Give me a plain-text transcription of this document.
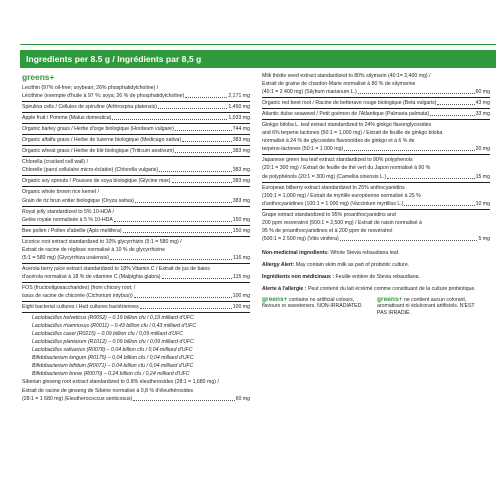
Ingredients per 8.5 g / Ingrédients par 8,5 g
greens+
Lecithin (97% oil-free; soybean; 26% phosphatidylcholine) /
Lécithine (exempte d'huile à 97 %; soya; 26 % de phosphatidylcholine)	2,171 mg
Spirulina cells / Cellules de spiruline (Arthrospira platensis)	1,450 mg
Apple fruit / Pomme (Malus domestica)	1,033 mg
Organic barley grass / Herbe d'orge biologique (Hordeum vulgare)	744 mg
Organic alfalfa grass / Herbe de luzerne biologique (Medicago sativa)	383 mg
Organic wheat grass / Herbe de blé biologique (Triticum aestivum)	383 mg
Chlorella (cracked cell wall) /
Chlorelle (paroi cellulaire micro-éclatée) (Chlorella vulgaris)	383 mg
Organic soy sprouts / Pousses de soya biologique (Glycine max)	383 mg
Organic whole brown rice kernel /
Grain de riz brun entier biologique (Oryza sativa)	383 mg
Royal jelly standardized to 5% 10-HDA /
Gelée royale normalisée à 5 % 10-HDA	150 mg
Bee pollen / Pollen d'abeille (Apis mellifera)	150 mg
Licorice root extract standardized to 10% glycyrrhizin (5:1 = 580 mg) /
Extrait de racine de réglisse normalisé à 10 % de glycyrrhizine
(5:1 = 580 mg) (Glycyrrhiza uralensis)	116 mg
Acerola berry juice extract standardized to 18% Vitamin C / Extrait de jus de baies
d'acérola normalisé à 18 % de vitamine C (Malpighia glabra)	115 mg
FOS (fructooligosaccharides) (from chicory root; /
issus de racine de chicorée (Cichorium intybus))	100 mg
Eight bacterial cultures / Huit cultures bactériennes	100 mg
Lactobacillus helveticus (R0052) – 0.19 billion cfu / 0,19 milliard d'UFC
Lactobacillus rhamnosus (R0011) – 0.43 billion cfu / 0,43 milliard d'UFC
Lactobacillus casei (R0215) – 0.09 billion cfu / 0,09 milliard d'UFC
Lactobacillus plantarum (R1012) – 0.09 billion cfu / 0,09 milliard d'UFC
Lactobacillus salivarius (R0078) – 0.04 billion cfu / 0,04 milliard d'UFC
Bifidobacterium longum (R0175) – 0.04 billion cfu / 0,04 milliard d'UFC
Bifidobacterium bifidum (R0071) – 0.04 billion cfu / 0,04 milliard d'UFC
Bifidobacterium breve (R0070) – 0.24 billion cfu / 0,24 milliard d'UFC
Siberian ginseng root extract standardized to 0.8% eleutherosides (28:1 = 1,680 mg) /
Extrait de racine de ginseng de Sibérie normalisé à 0,8 % d'éleuthérosides
(28:1 = 1 680 mg) (Eleutherococcus senticosus)	60 mg
Milk thistle seed extract standardized to 80% silymarin (40:1= 2,400 mg) /
Extrait de graine de chardon-Marie normalisé à 80 % de silymarine
(40:1 = 2 400 mg) (Silybum marianum L.)	60 mg
Organic red beet root / Racine de betterave rouge biologique (Beta vulgaris)	43 mg
Atlantic dulse seaweed / Petit goémon de l'Atlantique (Palmaria palmata)	33 mg
Ginkgo biloba L. leaf extract standardized to 24% ginkgo flavonglycosides
and 6% terpene lactones (50:1 = 1,000 mg) / Extrait de feuille de ginkgo biloba
normalisé à 24 % de glycosides flavonoïdes de ginkgo et à 6 % de
terpéno-lactones (50:1 = 1 000 mg)	20 mg
Japanese green tea leaf extract standardized to 90% polyphenols
(20:1 = 300 mg) / Extrait de feuille de thé vert du Japon normalisé à 90 %
de polyphénols (20:1 = 300 mg) (Camellia sinensis L.)	15 mg
European bilberry extract standardized to 25% anthocyanidins
(100:1 = 1,000 mg) / Extrait de myrtille européenne normalisé à 25 %
d'anthocyanidines (100:1 = 1 000 mg) (Vaccinium myrtillus L.)	10 mg
Grape extract standardized to 95% proanthocyanidins and
200 ppm resveratrol (500:1 = 2,500 mg) / Extrait de raisin normalisé à
95 % de proanthocyanidines et à 200 ppm de resvératrol
(500:1 = 2 500 mg) (Vitis vinifera)	5 mg

Non-medicinal ingredients: Whole Stevia rebaudiana leaf.

Allergy Alert: May contain skim milk as part of probiotic culture.

Ingrédients non médicinaux : Feuille entière de Stevia rebaudiana.

Alerte à l'allergie : Peut contenir du lait écrémé comme constituant de la culture probiotique.

greens+ contains no artificial colours, flavours or sweeteners. NON-IRRADIATED.
greens+ ne contient aucun colorant, aromatisant ni édulcorant artificiels. N'EST PAS IRRADIÉ.
